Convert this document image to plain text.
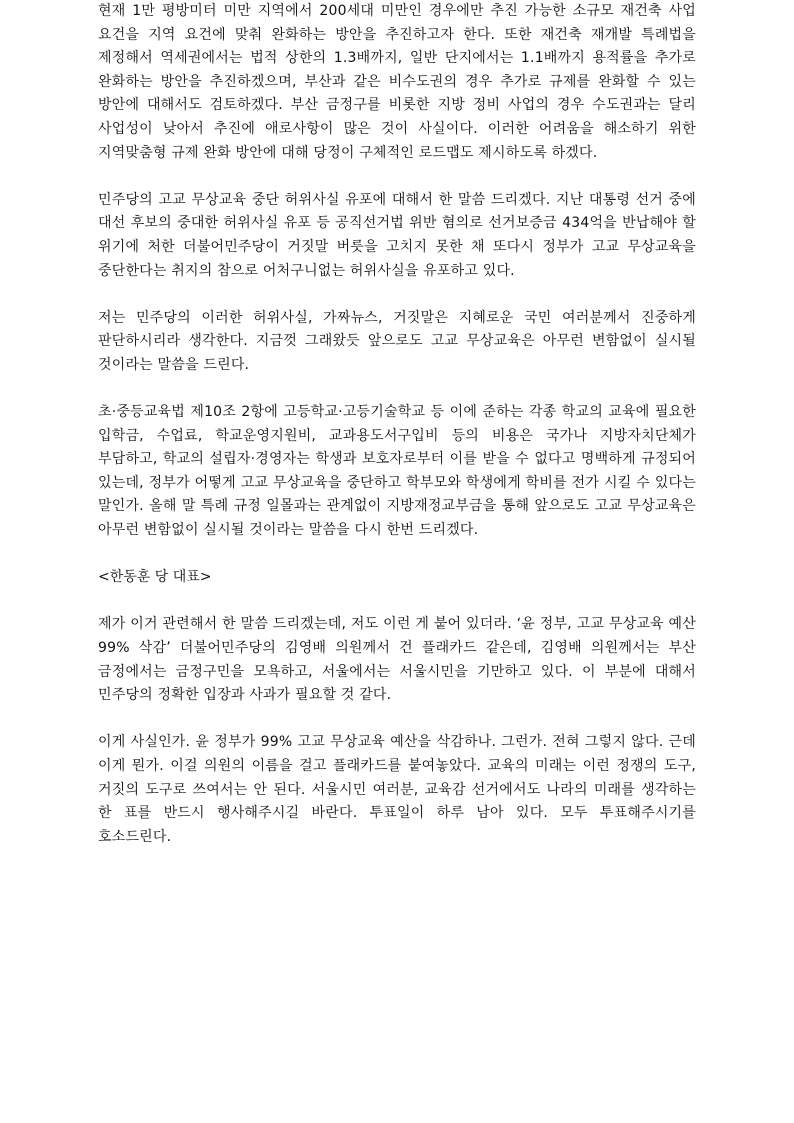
현재 1만 평방미터 미만 지역에서 200세대 미만인 경우에만 추진 가능한 소규모 재건축 사업 요건을 지역 요건에 맞춰 완화하는 방안을 추진하고자 한다. 또한 재건축 재개발 특례법을 제정해서 역세권에서는 법적 상한의 1.3배까지, 일반 단지에서는 1.1배까지 용적률을 추가로 완화하는 방안을 추진하겠으며, 부산과 같은 비수도권의 경우 추가로 규제를 완화할 수 있는 방안에 대해서도 검토하겠다. 부산 금정구를 비롯한 지방 정비 사업의 경우 수도권과는 달리 사업성이 낮아서 추진에 애로사항이 많은 것이 사실이다. 이러한 어려움을 해소하기 위한 지역맞춤형 규제 완화 방안에 대해 당정이 구체적인 로드맵도 제시하도록 하겠다.

민주당의 고교 무상교육 중단 허위사실 유포에 대해서 한 말씀 드리겠다. 지난 대통령 선거 중에 대선 후보의 중대한 허위사실 유포 등 공직선거법 위반 혐의로 선거보증금 434억을 반납해야 할 위기에 처한 더불어민주당이 거짓말 버릇을 고치지 못한 채 또다시 정부가 고교 무상교육을 중단한다는 취지의 참으로 어처구니없는 허위사실을 유포하고 있다.

저는 민주당의 이러한 허위사실, 가짜뉴스, 거짓말은 지혜로운 국민 여러분께서 진중하게 판단하시리라 생각한다. 지금껏 그래왔듯 앞으로도 고교 무상교육은 아무런 변함없이 실시될 것이라는 말씀을 드린다.

초·중등교육법 제10조 2항에 고등학교·고등기술학교 등 이에 준하는 각종 학교의 교육에 필요한 입학금, 수업료, 학교운영지원비, 교과용도서구입비 등의 비용은 국가나 지방자치단체가 부담하고, 학교의 설립자·경영자는 학생과 보호자로부터 이를 받을 수 없다고 명백하게 규정되어 있는데, 정부가 어떻게 고교 무상교육을 중단하고 학부모와 학생에게 학비를 전가 시킬 수 있다는 말인가. 올해 말 특례 규정 일몰과는 관계없이 지방재정교부금을 통해 앞으로도 고교 무상교육은 아무런 변함없이 실시될 것이라는 말씀을 다시 한번 드리겠다.

<한동훈 당 대표>

제가 이거 관련해서 한 말씀 드리겠는데, 저도 이런 게 붙어 있더라. ‘윤 정부, 고교 무상교육 예산 99% 삭감’ 더불어민주당의 김영배 의원께서 건 플래카드 같은데, 김영배 의원께서는 부산 금정에서는 금정구민을 모욕하고, 서울에서는 서울시민을 기만하고 있다. 이 부분에 대해서 민주당의 정확한 입장과 사과가 필요할 것 같다.

이게 사실인가. 윤 정부가 99% 고교 무상교육 예산을 삭감하나. 그런가. 전혀 그렇지 않다. 근데 이게 뭔가. 이걸 의원의 이름을 걸고 플래카드를 붙여놓았다. 교육의 미래는 이런 정쟁의 도구, 거짓의 도구로 쓰여서는 안 된다. 서울시민 여러분, 교육감 선거에서도 나라의 미래를 생각하는 한 표를 반드시 행사해주시길 바란다. 투표일이 하루 남아 있다. 모두 투표해주시기를 호소드린다.
